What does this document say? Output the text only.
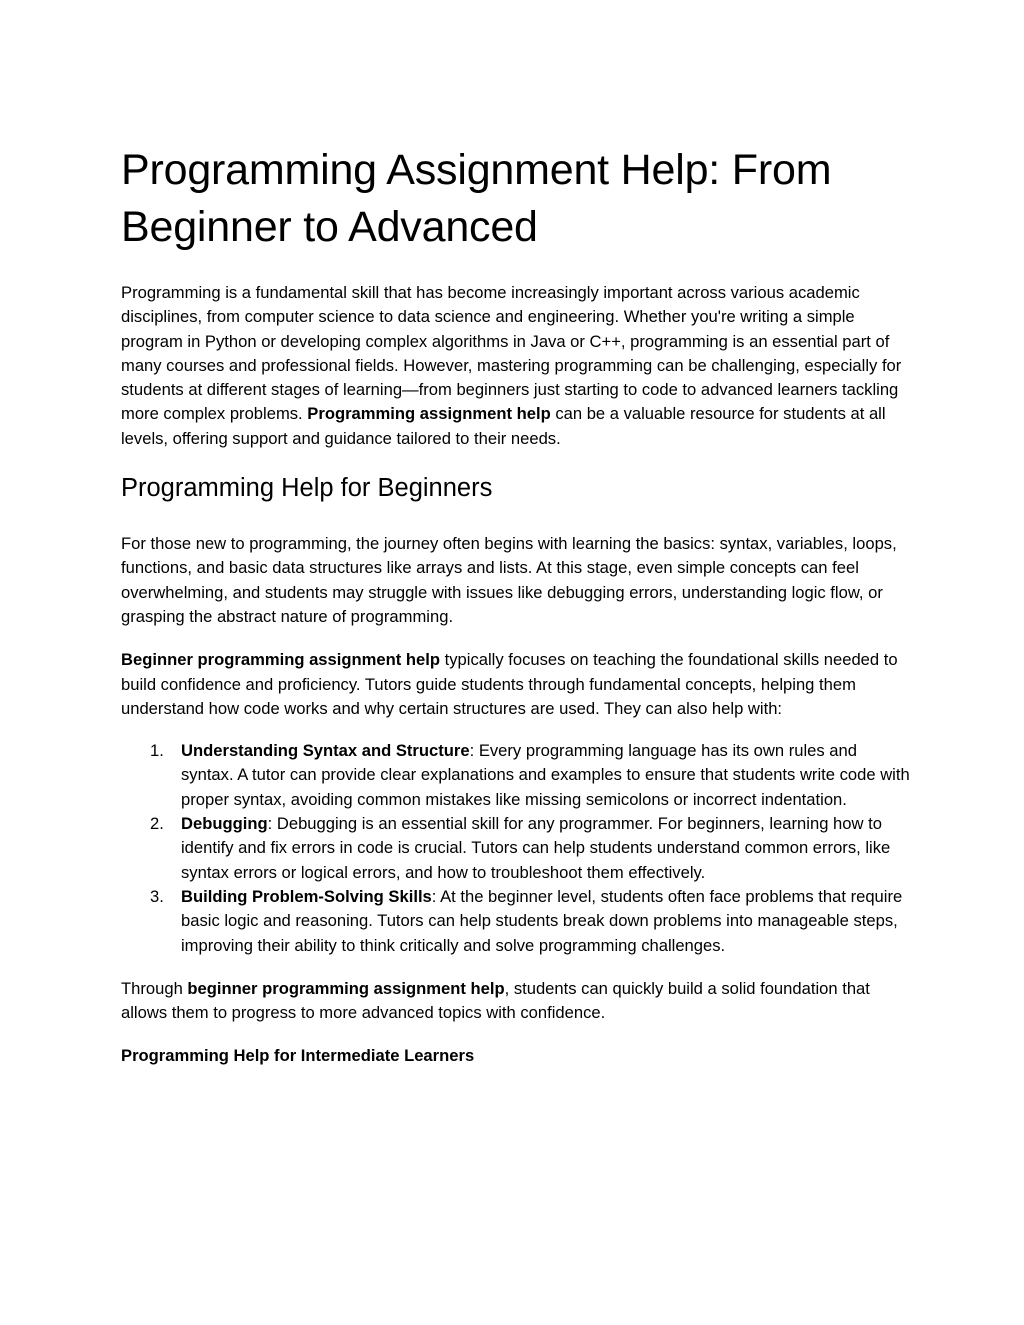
Programming Assignment Help: From Beginner to Advanced

Programming is a fundamental skill that has become increasingly important across various academic disciplines, from computer science to data science and engineering. Whether you're writing a simple program in Python or developing complex algorithms in Java or C++, programming is an essential part of many courses and professional fields. However, mastering programming can be challenging, especially for students at different stages of learning—from beginners just starting to code to advanced learners tackling more complex problems. Programming assignment help can be a valuable resource for students at all levels, offering support and guidance tailored to their needs.

Programming Help for Beginners

For those new to programming, the journey often begins with learning the basics: syntax, variables, loops, functions, and basic data structures like arrays and lists. At this stage, even simple concepts can feel overwhelming, and students may struggle with issues like debugging errors, understanding logic flow, or grasping the abstract nature of programming.

Beginner programming assignment help typically focuses on teaching the foundational skills needed to build confidence and proficiency. Tutors guide students through fundamental concepts, helping them understand how code works and why certain structures are used. They can also help with:

1. Understanding Syntax and Structure: Every programming language has its own rules and syntax. A tutor can provide clear explanations and examples to ensure that students write code with proper syntax, avoiding common mistakes like missing semicolons or incorrect indentation.
2. Debugging: Debugging is an essential skill for any programmer. For beginners, learning how to identify and fix errors in code is crucial. Tutors can help students understand common errors, like syntax errors or logical errors, and how to troubleshoot them effectively.
3. Building Problem-Solving Skills: At the beginner level, students often face problems that require basic logic and reasoning. Tutors can help students break down problems into manageable steps, improving their ability to think critically and solve programming challenges.

Through beginner programming assignment help, students can quickly build a solid foundation that allows them to progress to more advanced topics with confidence.

Programming Help for Intermediate Learners
